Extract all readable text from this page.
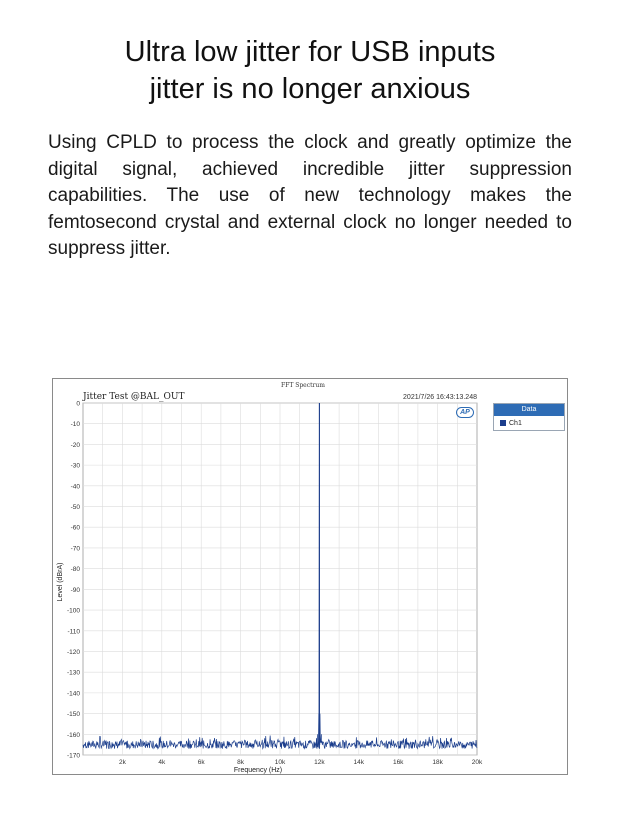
Ultra low jitter for USB inputs
jitter is no longer anxious
Using CPLD to process the clock and greatly optimize the digital signal, achieved incredible jitter suppression capabilities. The use of new technology makes the femtosecond crystal and external clock no longer needed to suppress jitter.
FFT Spectrum
Jitter Test @BAL_OUT	2021/7/26 16:43:13.248
0
-10
-20
-30
-40
-50
-60
-70
-80
-90
-100
-110
-120
-130
-140
-150
-160
-170
2k	4k	6k	8k	10k	12k	14k	16k	18k	20k
Frequency (Hz)
Level (dBrA)
AP	Data
Ch1
